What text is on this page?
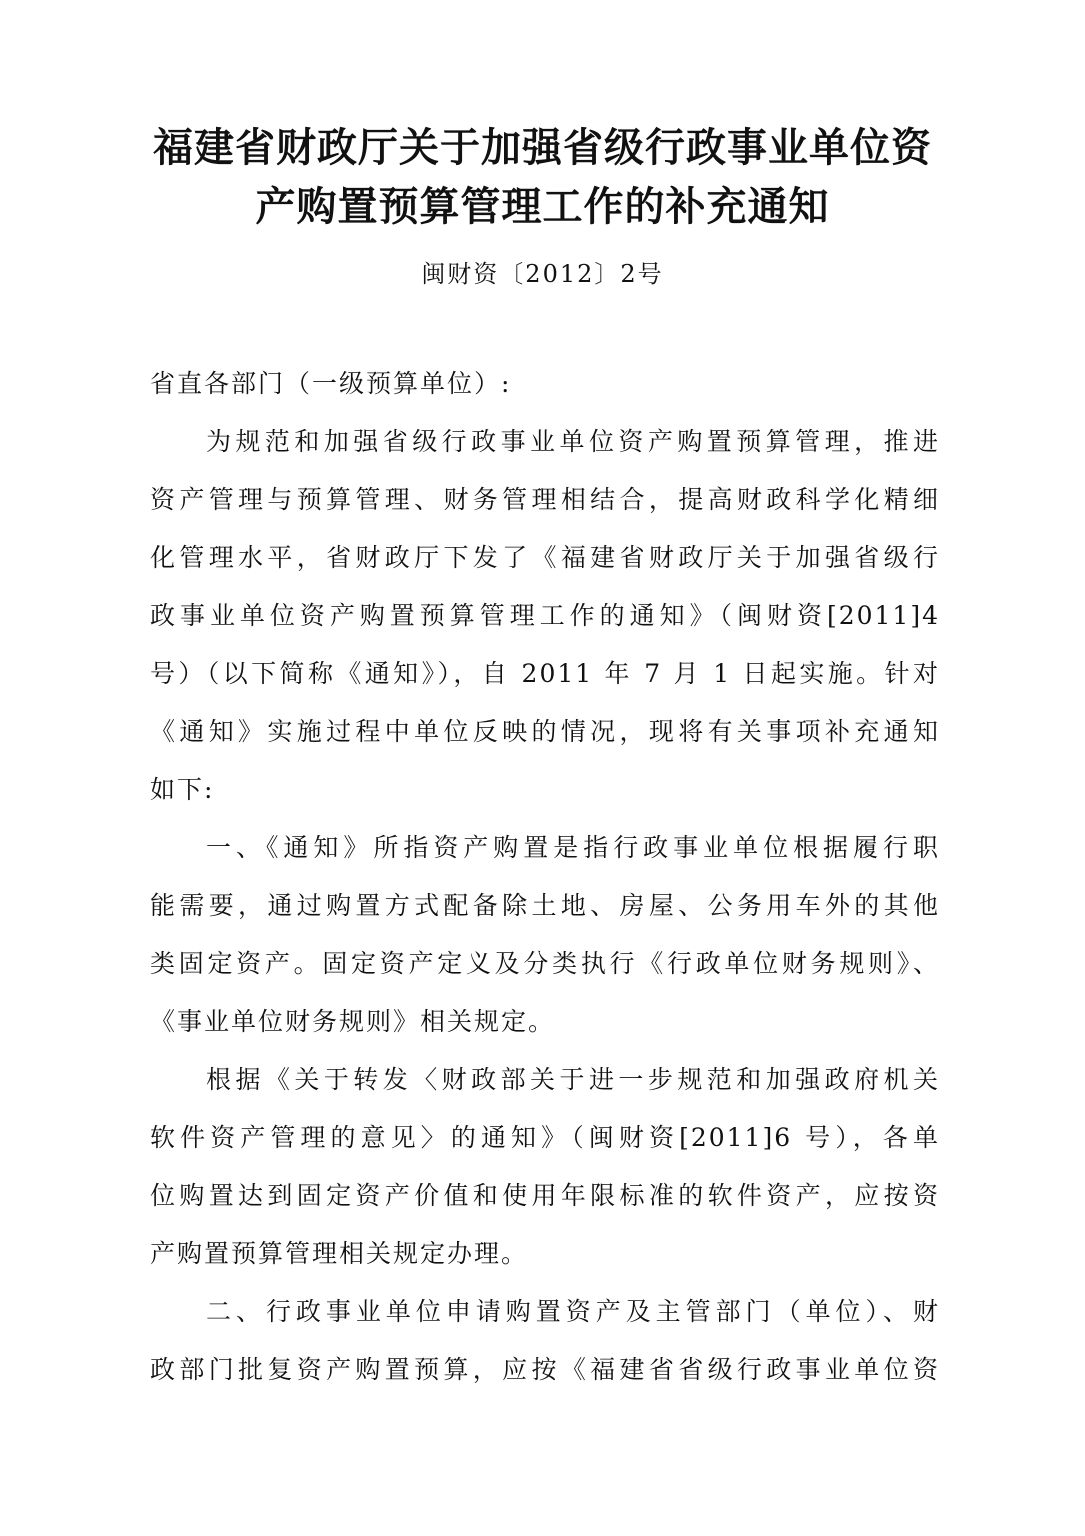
福建省财政厅关于加强省级行政事业单位资
产购置预算管理工作的补充通知
闽财资〔2012〕2号
省直各部门（一级预算单位）:
为规范和加强省级行政事业单位资产购置预算管理，推进
资产管理与预算管理、财务管理相结合，提高财政科学化精细
化管理水平，省财政厅下发了《福建省财政厅关于加强省级行
政事业单位资产购置预算管理工作的通知》（闽财资[2011]4
号）（以下简称《通知》），自 2011 年 7 月 1 日起实施。针对
《通知》实施过程中单位反映的情况，现将有关事项补充通知
如下:
一、《通知》所指资产购置是指行政事业单位根据履行职
能需要，通过购置方式配备除土地、房屋、公务用车外的其他
类固定资产。固定资产定义及分类执行《行政单位财务规则》、
《事业单位财务规则》相关规定。
根据《关于转发〈财政部关于进一步规范和加强政府机关
软件资产管理的意见〉的通知》（闽财资[2011]6 号），各单
位购置达到固定资产价值和使用年限标准的软件资产，应按资
产购置预算管理相关规定办理。
二、行政事业单位申请购置资产及主管部门（单位）、财
政部门批复资产购置预算，应按《福建省省级行政事业单位资
